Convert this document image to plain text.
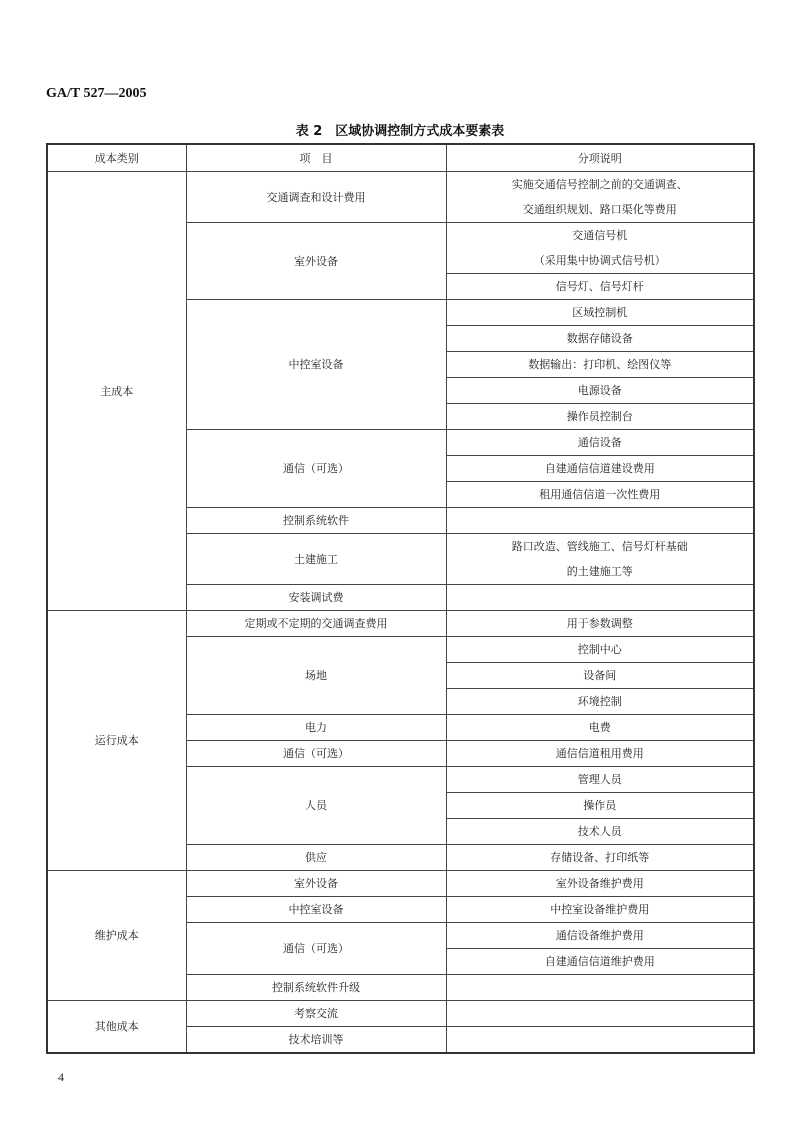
GA/T 527—2005
表 2　区域协调控制方式成本要素表
成本类别	项　目	分项说明
主成本	交通调查和设计费用	实施交通信号控制之前的交通调查、
交通组织规划、路口渠化等费用
	室外设备	交通信号机
（采用集中协调式信号机）
		信号灯、信号灯杆
	中控室设备	区域控制机
		数据存储设备
		数据输出：打印机、绘图仪等
		电源设备
		操作员控制台
	通信（可选）	通信设备
		自建通信信道建设费用
		租用通信信道一次性费用
	控制系统软件	
	土建施工	路口改造、管线施工、信号灯杆基础
的土建施工等
	安装调试费	
运行成本	定期或不定期的交通调查费用	用于参数调整
	场地	控制中心
		设备间
		环境控制
	电力	电费
	通信（可选）	通信信道租用费用
	人员	管理人员
		操作员
		技术人员
	供应	存储设备、打印纸等
维护成本	室外设备	室外设备维护费用
	中控室设备	中控室设备维护费用
	通信（可选）	通信设备维护费用
		自建通信信道维护费用
	控制系统软件升级	
其他成本	考察交流	
	技术培训等	
4
